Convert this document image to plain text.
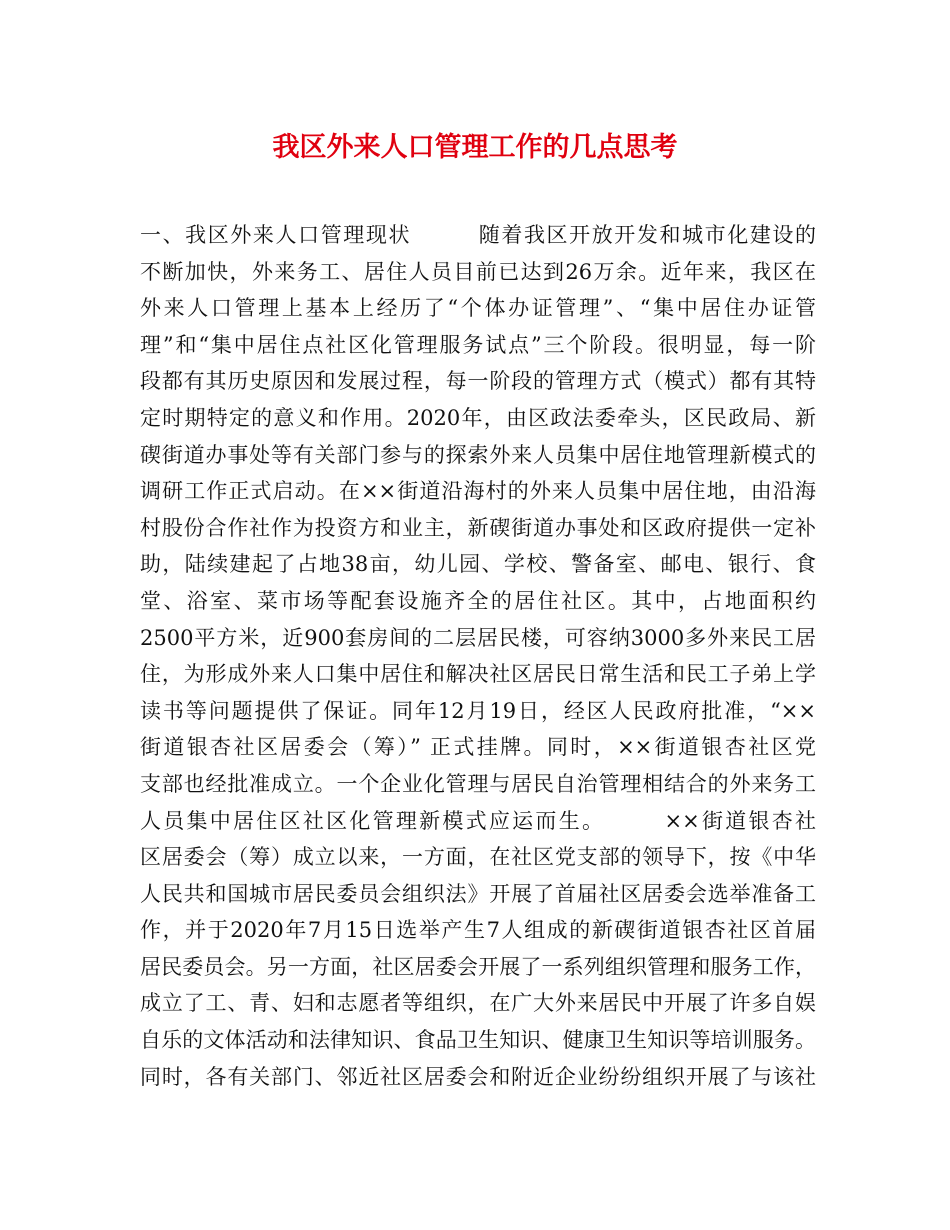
我区外来人口管理工作的几点思考
一、我区外来人口管理现状　　　随着我区开放开发和城市化建设的
不断加快，外来务工、居住人员目前已达到26万余。近年来，我区在
外来人口管理上基本上经历了“个体办证管理”、“集中居住办证管
理”和“集中居住点社区化管理服务试点”三个阶段。很明显，每一阶
段都有其历史原因和发展过程，每一阶段的管理方式（模式）都有其特
定时期特定的意义和作用。2020年，由区政法委牵头，区民政局、新
碶街道办事处等有关部门参与的探索外来人员集中居住地管理新模式的
调研工作正式启动。在××街道沿海村的外来人员集中居住地，由沿海
村股份合作社作为投资方和业主，新碶街道办事处和区政府提供一定补
助，陆续建起了占地38亩，幼儿园、学校、警备室、邮电、银行、食
堂、浴室、菜市场等配套设施齐全的居住社区。其中，占地面积约
2500平方米，近900套房间的二层居民楼，可容纳3000多外来民工居
住，为形成外来人口集中居住和解决社区居民日常生活和民工子弟上学
读书等问题提供了保证。同年12月19日，经区人民政府批准，“××
街道银杏社区居委会（筹）” 正式挂牌。同时，××街道银杏社区党
支部也经批准成立。一个企业化管理与居民自治管理相结合的外来务工
人员集中居住区社区化管理新模式应运而生。　　　××街道银杏社
区居委会（筹）成立以来，一方面，在社区党支部的领导下，按《中华
人民共和国城市居民委员会组织法》开展了首届社区居委会选举准备工
作，并于2020年7月15日选举产生7人组成的新碶街道银杏社区首届
居民委员会。另一方面，社区居委会开展了一系列组织管理和服务工作，
成立了工、青、妇和志愿者等组织，在广大外来居民中开展了许多自娱
自乐的文体活动和法律知识、食品卫生知识、健康卫生知识等培训服务。
同时，各有关部门、邻近社区居委会和附近企业纷纷组织开展了与该社
